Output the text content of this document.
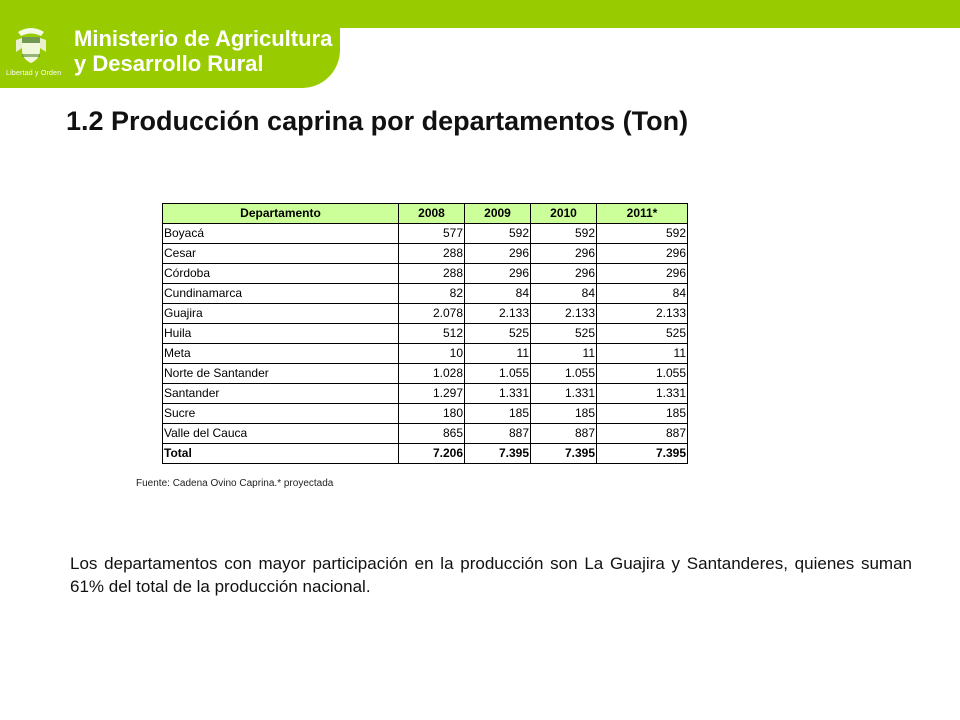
Libertad y Orden
Ministerio de Agricultura
y Desarrollo Rural
1.2 Producción caprina por departamentos (Ton)
Departamento	2008	2009	2010	2011*
Boyacá	577	592	592	592
Cesar	288	296	296	296
Córdoba	288	296	296	296
Cundinamarca	82	84	84	84
Guajira	2.078	2.133	2.133	2.133
Huila	512	525	525	525
Meta	10	11	11	11
Norte de Santander	1.028	1.055	1.055	1.055
Santander	1.297	1.331	1.331	1.331
Sucre	180	185	185	185
Valle del Cauca	865	887	887	887
Total	7.206	7.395	7.395	7.395
Fuente: Cadena Ovino Caprina.* proyectada

Los departamentos con mayor participación en la producción son La Guajira y Santanderes, quienes suman 61% del total de la producción nacional.
